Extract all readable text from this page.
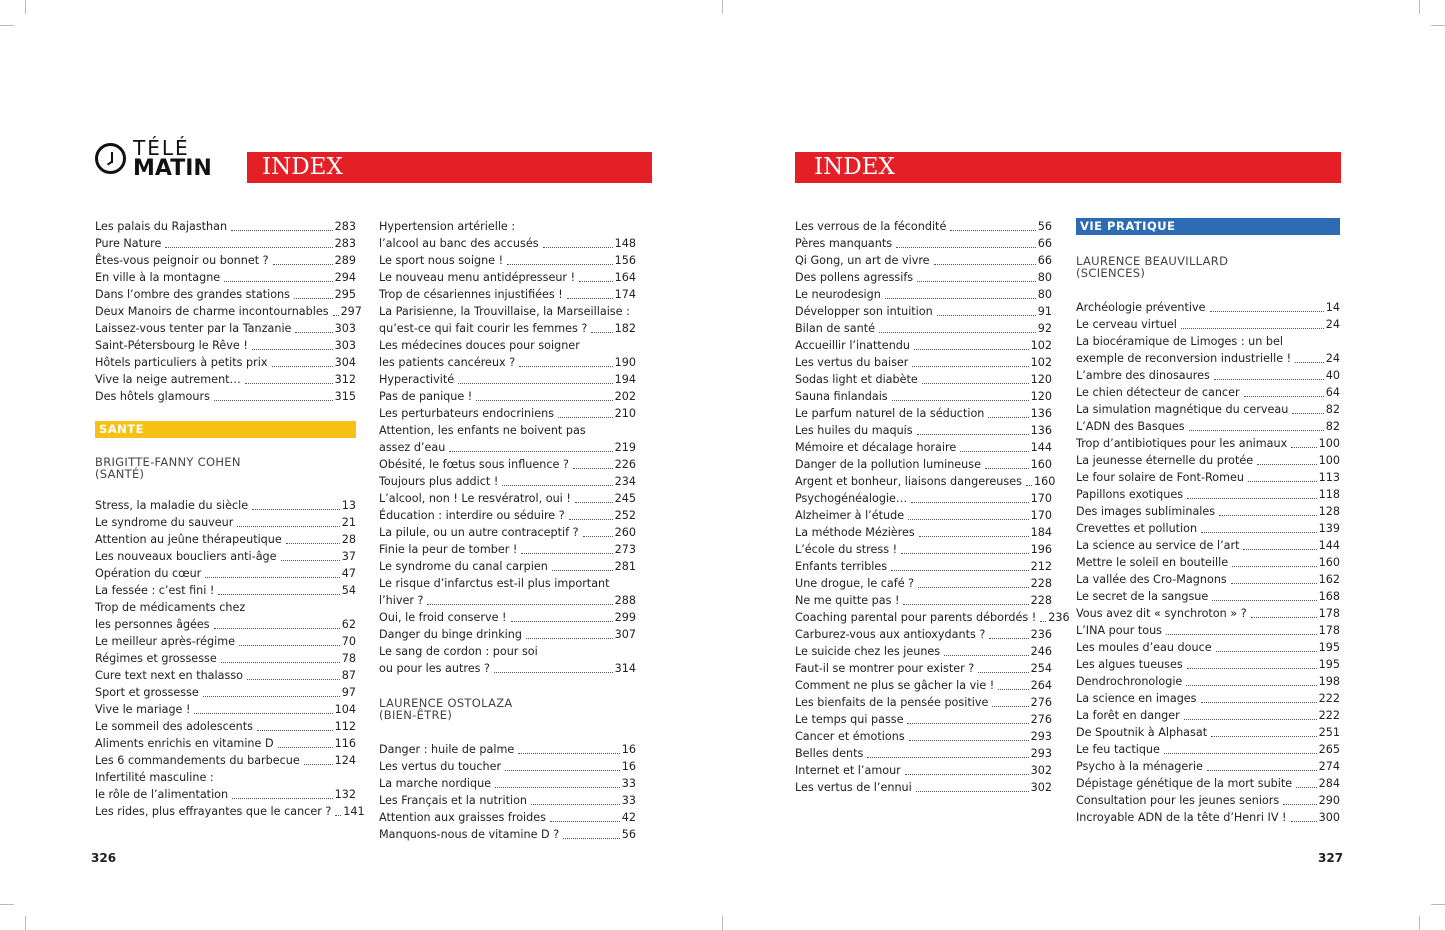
TÉLÉ
MATIN	INDEX	INDEX
Les palais du Rajasthan	283
Pure Nature	283
Êtes-vous peignoir ou bonnet ?	289
En ville à la montagne	294
Dans l’ombre des grandes stations	295
Deux Manoirs de charme incontournables 297
Laissez-vous tenter par la Tanzanie	303
Saint-Pétersbourg le Rêve !	303
Hôtels particuliers à petits prix	304
Vive la neige autrement…	312
Des hôtels glamours	315
SANTE
BRIGITTE-FANNY COHEN
(SANTÉ)
Stress, la maladie du siècle	13
Le syndrome du sauveur	21
Attention au jeûne thérapeutique	28
Les nouveaux boucliers anti-âge	37
Opération du cœur	47
La fessée : c’est fini !	54
Trop de médicaments chez
les personnes âgées	62
Le meilleur après-régime	70
Régimes et grossesse	78
Cure text next en thalasso	87
Sport et grossesse	97
Vive le mariage !	104
Le sommeil des adolescents	112
Aliments enrichis en vitamine D	116
Les 6 commandements du barbecue	124
Infertilité masculine :
le rôle de l’alimentation	132
Les rides, plus effrayantes que le cancer ? 141
Hypertension artérielle :
l’alcool au banc des accusés	148
Le sport nous soigne !	156
Le nouveau menu antidépresseur !	164
Trop de césariennes injustifiées !	174
La Parisienne, la Trouvillaise, la Marseillaise :
qu’est-ce qui fait courir les femmes ? 182
Les médecines douces pour soigner
les patients cancéreux ?	190
Hyperactivité	194
Pas de panique !	202
Les perturbateurs endocriniens	210
Attention, les enfants ne boivent pas
assez d’eau	219
Obésité, le fœtus sous influence ?	226
Toujours plus addict !	234
L’alcool, non ! Le resvératrol, oui !	245
Éducation : interdire ou séduire ?	252
La pilule, ou un autre contraceptif ?	260
Finie la peur de tomber !	273
Le syndrome du canal carpien	281
Le risque d’infarctus est-il plus important
l’hiver ?	288
Oui, le froid conserve !	299
Danger du binge drinking	307
Le sang de cordon : pour soi
ou pour les autres ?	314
LAURENCE OSTOLAZA
(BIEN-ÊTRE)
Danger : huile de palme	16
Les vertus du toucher	16
La marche nordique	33
Les Français et la nutrition	33
Attention aux graisses froides	42
Manquons-nous de vitamine D ?	56
Les verrous de la fécondité	56
Pères manquants	66
Qi Gong, un art de vivre	66
Des pollens agressifs	80
Le neurodesign	80
Développer son intuition	91
Bilan de santé	92
Accueillir l’inattendu	102
Les vertus du baiser	102
Sodas light et diabète	120
Sauna finlandais	120
Le parfum naturel de la séduction	136
Les huiles du maquis	136
Mémoire et décalage horaire	144
Danger de la pollution lumineuse	160
Argent et bonheur, liaisons dangereuses 160
Psychogénéalogie…	170
Alzheimer à l’étude	170
La méthode Mézières	184
L’école du stress !	196
Enfants terribles	212
Une drogue, le café ?	228
Ne me quitte pas !	228
Coaching parental pour parents débordés ! 236
Carburez-vous aux antioxydants ?	236
Le suicide chez les jeunes	246
Faut-il se montrer pour exister ?	254
Comment ne plus se gâcher la vie !	264
Les bienfaits de la pensée positive	276
Le temps qui passe	276
Cancer et émotions	293
Belles dents	293
Internet et l’amour	302
Les vertus de l’ennui	302
VIE PRATIQUE
LAURENCE BEAUVILLARD
(SCIENCES)
Archéologie préventive	14
Le cerveau virtuel	24
La biocéramique de Limoges : un bel
exemple de reconversion industrielle !	24
L’ambre des dinosaures	40
Le chien détecteur de cancer	64
La simulation magnétique du cerveau	82
L’ADN des Basques	82
Trop d’antibiotiques pour les animaux	100
La jeunesse éternelle du protée	100
Le four solaire de Font-Romeu	113
Papillons exotiques	118
Des images subliminales	128
Crevettes et pollution	139
La science au service de l’art	144
Mettre le soleil en bouteille	160
La vallée des Cro-Magnons	162
Le secret de la sangsue	168
Vous avez dit « synchroton » ?	178
L’INA pour tous	178
Les moules d’eau douce	195
Les algues tueuses	195
Dendrochronologie	198
La science en images	222
La forêt en danger	222
De Spoutnik à Alphasat	251
Le feu tactique	265
Psycho à la ménagerie	274
Dépistage génétique de la mort subite 284
Consultation pour les jeunes seniors	290
Incroyable ADN de la tête d’Henri IV !	300
326	327
